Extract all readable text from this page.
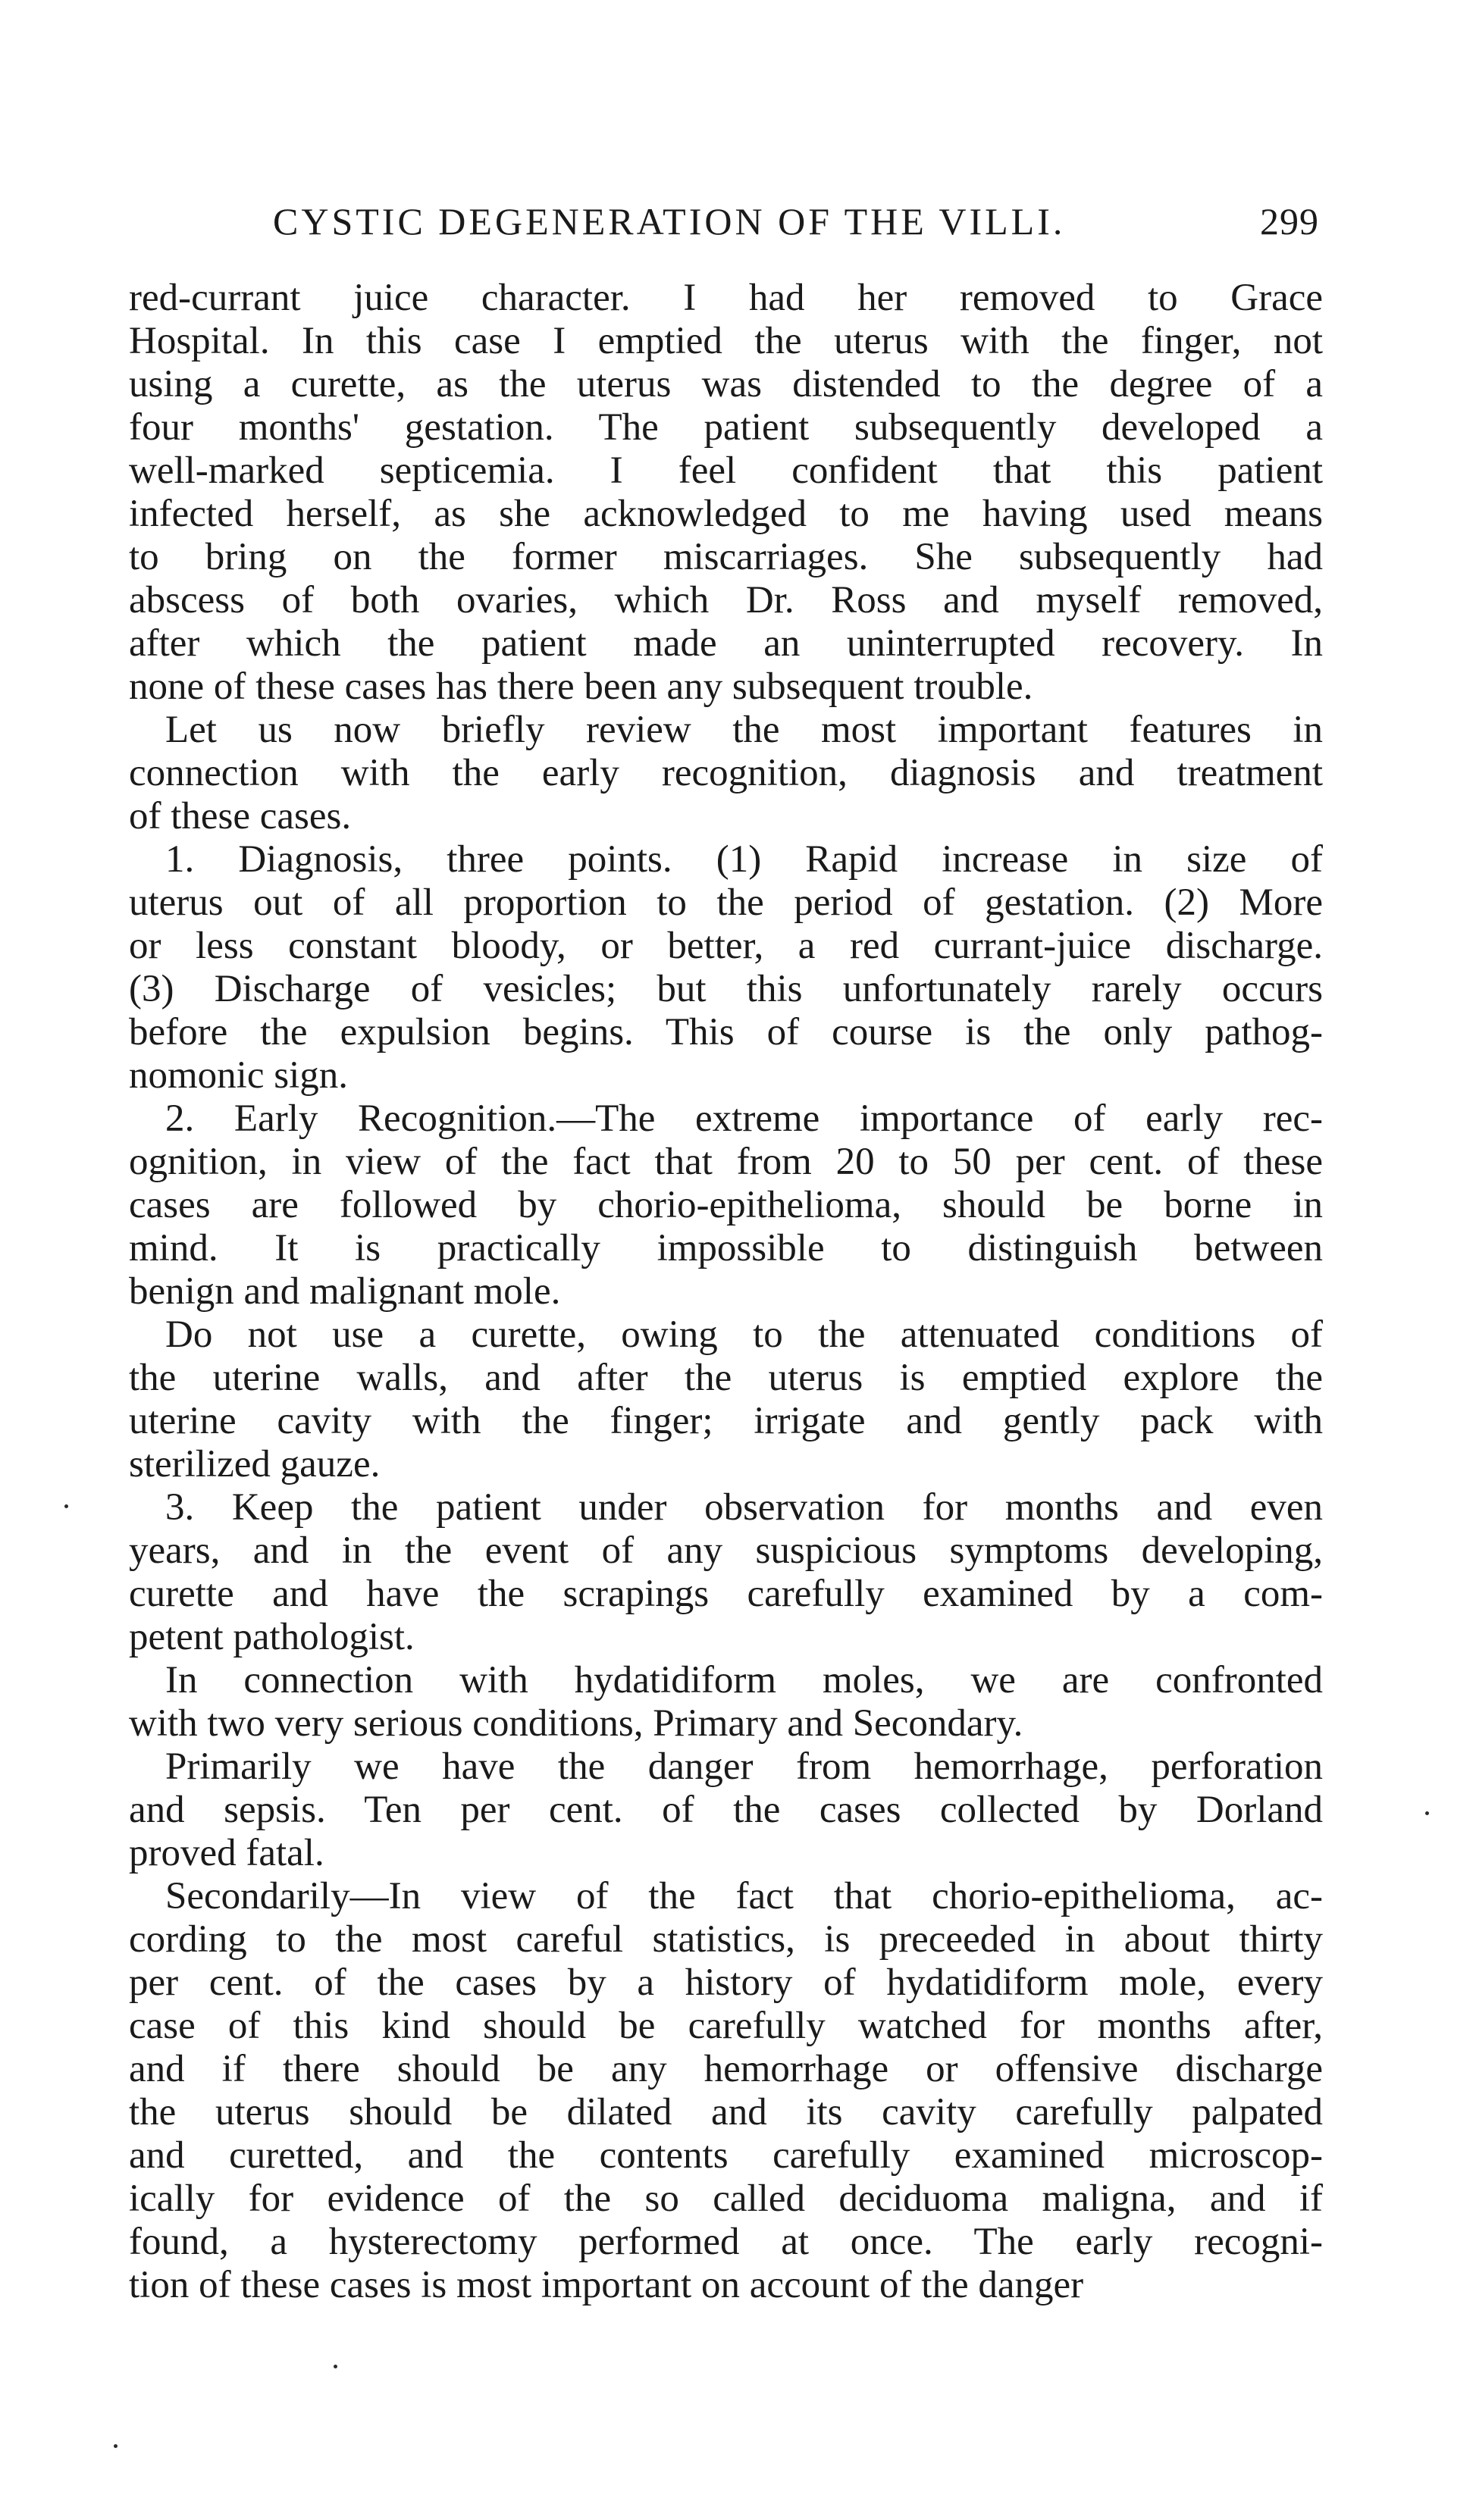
CYSTIC DEGENERATION OF THE VILLI.	299
red-currant juice character. I had her removed to Grace
Hospital. In this case I emptied the uterus with the finger, not
using a curette, as the uterus was distended to the degree of a
four months' gestation. The patient subsequently developed a
well-marked septicemia. I feel confident that this patient
infected herself, as she acknowledged to me having used means
to bring on the former miscarriages. She subsequently had
abscess of both ovaries, which Dr. Ross and myself removed,
after which the patient made an uninterrupted recovery. In
none of these cases has there been any subsequent trouble.
Let us now briefly review the most important features in
connection with the early recognition, diagnosis and treatment
of these cases.
1. Diagnosis, three points. (1) Rapid increase in size of
uterus out of all proportion to the period of gestation. (2) More
or less constant bloody, or better, a red currant-juice discharge.
(3) Discharge of vesicles; but this unfortunately rarely occurs
before the expulsion begins. This of course is the only pathog-
nomonic sign.
2. Early Recognition.—The extreme importance of early rec-
ognition, in view of the fact that from 20 to 50 per cent. of these
cases are followed by chorio-epithelioma, should be borne in
mind. It is practically impossible to distinguish between
benign and malignant mole.
Do not use a curette, owing to the attenuated conditions of
the uterine walls, and after the uterus is emptied explore the
uterine cavity with the finger; irrigate and gently pack with
sterilized gauze.
3. Keep the patient under observation for months and even
years, and in the event of any suspicious symptoms developing,
curette and have the scrapings carefully examined by a com-
petent pathologist.
In connection with hydatidiform moles, we are confronted
with two very serious conditions, Primary and Secondary.
Primarily we have the danger from hemorrhage, perforation
and sepsis. Ten per cent. of the cases collected by Dorland
proved fatal.
Secondarily—In view of the fact that chorio-epithelioma, ac-
cording to the most careful statistics, is preceeded in about thirty
per cent. of the cases by a history of hydatidiform mole, every
case of this kind should be carefully watched for months after,
and if there should be any hemorrhage or offensive discharge
the uterus should be dilated and its cavity carefully palpated
and curetted, and the contents carefully examined microscop-
ically for evidence of the so called deciduoma maligna, and if
found, a hysterectomy performed at once. The early recogni-
tion of these cases is most important on account of the danger
